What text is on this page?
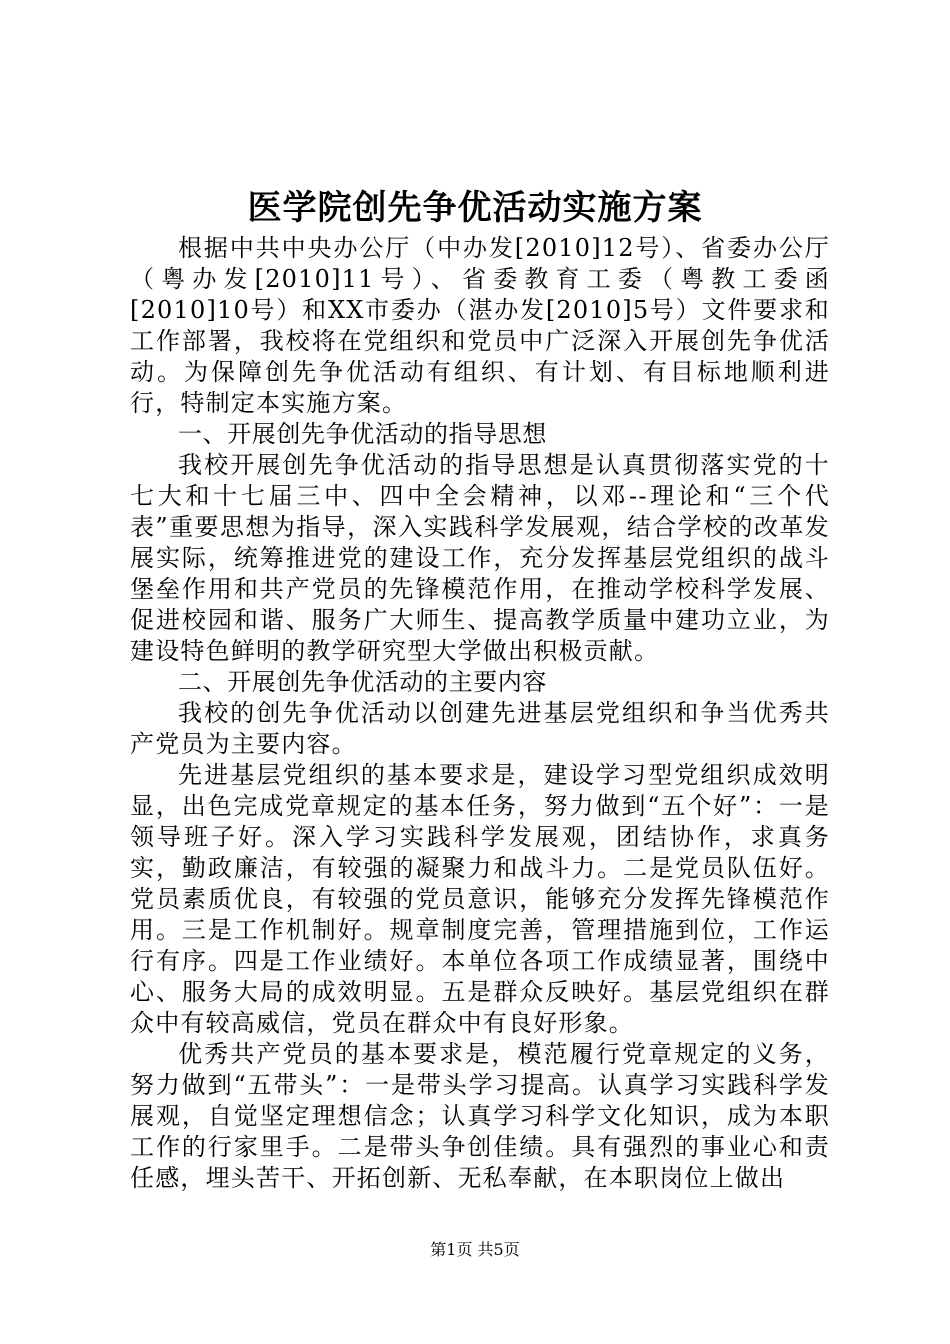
医学院创先争优活动实施方案

根据中共中央办公厅（中办发[2010]12号）、省委办公厅（粤办发[2010]11号）、省委教育工委（粤教工委函[2010]10号）和XX市委办（湛办发[2010]5号）文件要求和工作部署，我校将在党组织和党员中广泛深入开展创先争优活动。为保障创先争优活动有组织、有计划、有目标地顺利进行，特制定本实施方案。

一、开展创先争优活动的指导思想

我校开展创先争优活动的指导思想是认真贯彻落实党的十七大和十七届三中、四中全会精神，以邓--理论和“三个代表”重要思想为指导，深入实践科学发展观，结合学校的改革发展实际，统筹推进党的建设工作，充分发挥基层党组织的战斗堡垒作用和共产党员的先锋模范作用，在推动学校科学发展、促进校园和谐、服务广大师生、提高教学质量中建功立业，为建设特色鲜明的教学研究型大学做出积极贡献。

二、开展创先争优活动的主要内容

我校的创先争优活动以创建先进基层党组织和争当优秀共产党员为主要内容。

先进基层党组织的基本要求是，建设学习型党组织成效明显，出色完成党章规定的基本任务，努力做到“五个好”：一是领导班子好。深入学习实践科学发展观，团结协作，求真务实，勤政廉洁，有较强的凝聚力和战斗力。二是党员队伍好。党员素质优良，有较强的党员意识，能够充分发挥先锋模范作用。三是工作机制好。规章制度完善，管理措施到位，工作运行有序。四是工作业绩好。本单位各项工作成绩显著，围绕中心、服务大局的成效明显。五是群众反映好。基层党组织在群众中有较高威信，党员在群众中有良好形象。

优秀共产党员的基本要求是，模范履行党章规定的义务，努力做到“五带头”：一是带头学习提高。认真学习实践科学发展观，自觉坚定理想信念；认真学习科学文化知识，成为本职工作的行家里手。二是带头争创佳绩。具有强烈的事业心和责任感，埋头苦干、开拓创新、无私奉献，在本职岗位上做出

第1页 共5页
